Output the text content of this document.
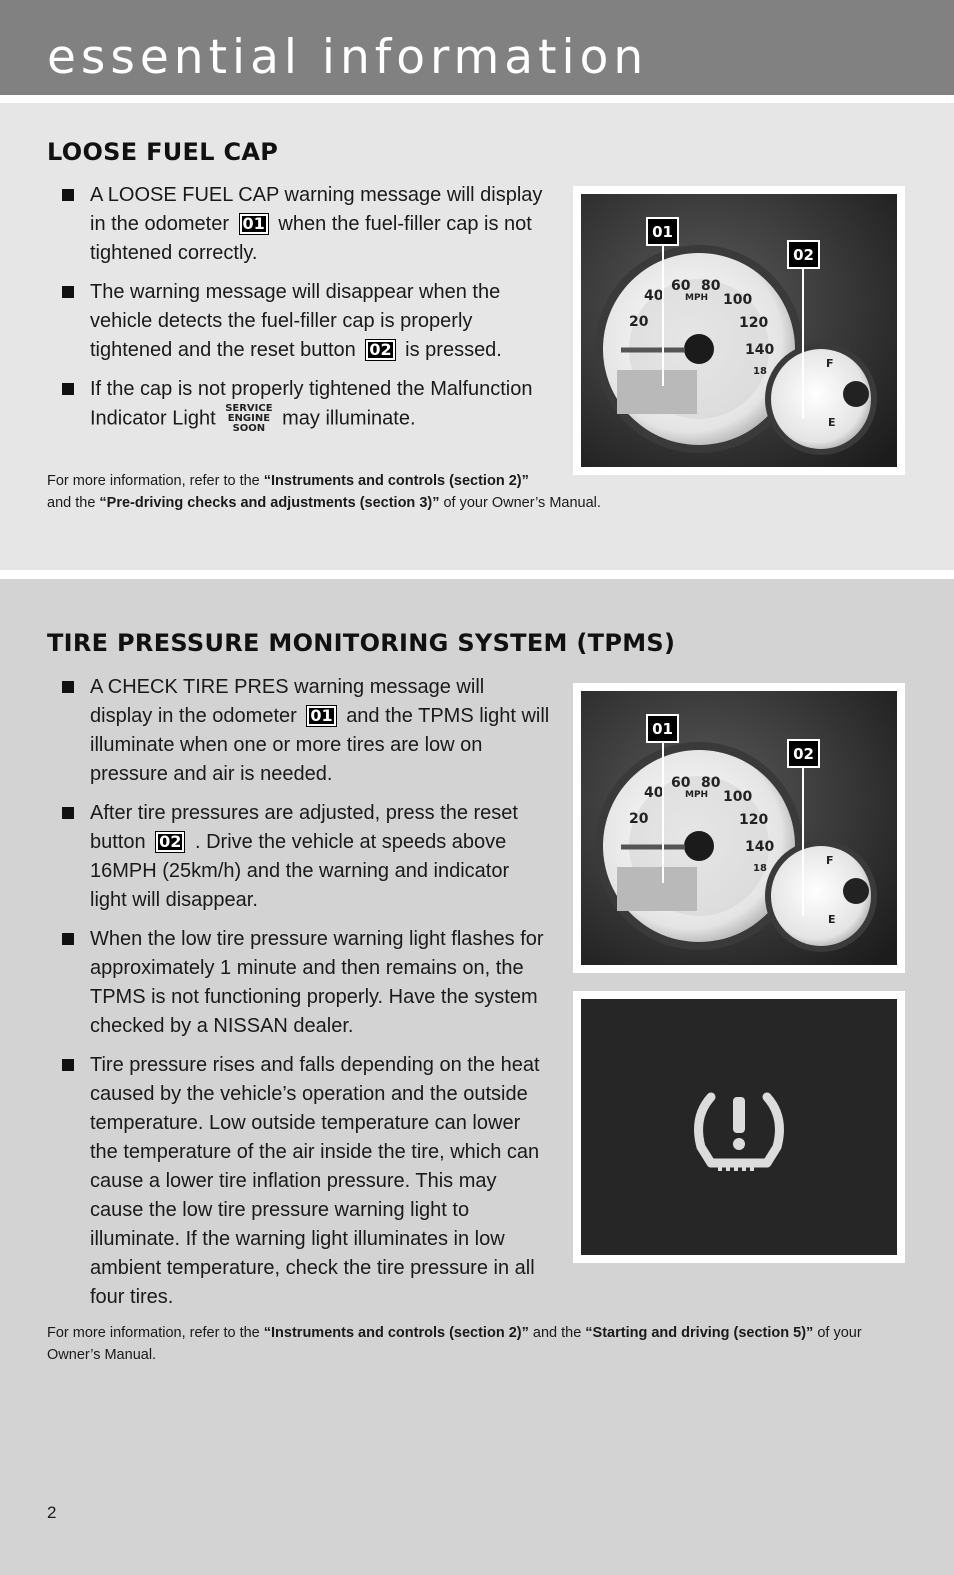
essential information
LOOSE FUEL CAP
A LOOSE FUEL CAP warning message will display in the odometer 01 when the fuel-filler cap is not tightened correctly.
The warning message will disappear when the vehicle detects the fuel-filler cap is properly tightened and the reset button 02 is pressed.
If the cap is not properly tightened the Malfunction Indicator Light SERVICE
ENGINE
SOON may illuminate.

For more information, refer to the “Instruments and controls (section 2)”
and the “Pre-driving checks and adjustments (section 3)” of your Owner’s Manual.

20
40
60 80
100
120
140
MPH
F
E
18
01
02
TIRE PRESSURE MONITORING SYSTEM (TPMS)
A CHECK TIRE PRES warning message will display in the odometer 01 and the TPMS light will illuminate when one or more tires are low on pressure and air is needed.
After tire pressures are adjusted, press the reset button 02 . Drive the vehicle at speeds above 16MPH (25km/h) and the warning and indicator light will disappear.
When the low tire pressure warning light flashes for approximately 1 minute and then remains on, the TPMS is not functioning properly. Have the system checked by a NISSAN dealer.
Tire pressure rises and falls depending on the heat caused by the vehicle’s operation and the outside temperature. Low outside temperature can lower the temperature of the air inside the tire, which can cause a lower tire inflation pressure. This may cause the low tire pressure warning light to illuminate. If the warning light illuminates in low ambient temperature, check the tire pressure in all four tires.

For more information, refer to the “Instruments and controls (section 2)” and the “Starting and driving (section 5)” of your Owner’s Manual.

20
40
60 80
100
120
140
MPH
F
E
18
01
02
2
